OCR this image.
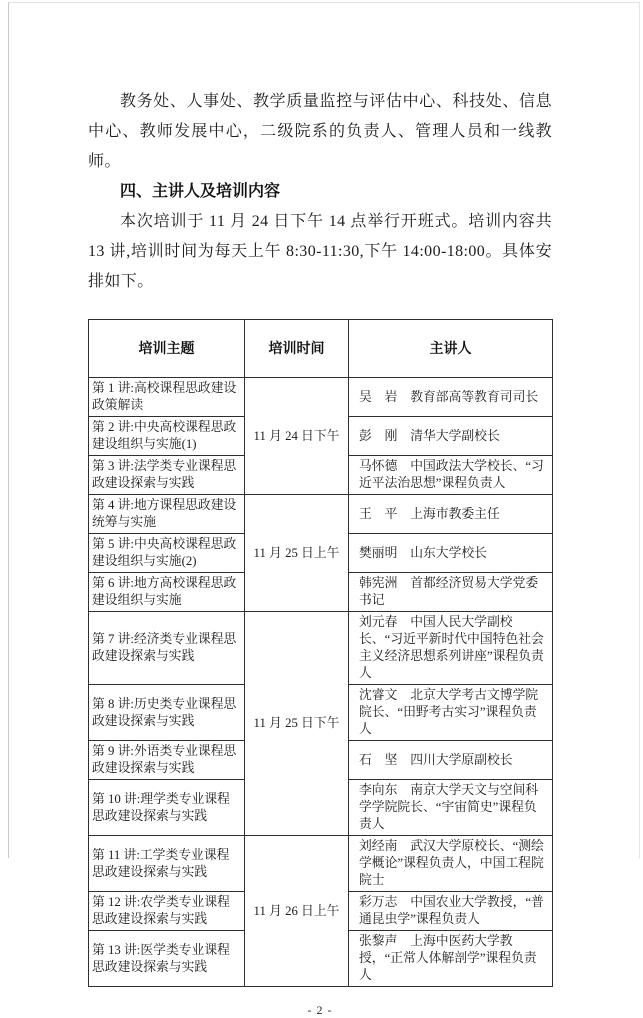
教务处、人事处、教学质量监控与评估中心、科技处、信息中心、教师发展中心，二级院系的负责人、管理人员和一线教师。

四、主讲人及培训内容

本次培训于 11 月 24 日下午 14 点举行开班式。培训内容共 13 讲,培训时间为每天上午 8:30-11:30,下午 14:00-18:00。具体安排如下。

培训主题	培训时间	主讲人
第 1 讲:高校课程思政建设政策解读	11 月 24 日下午	吴　岩　教育部高等教育司司长
第 2 讲:中央高校课程思政建设组织与实施(1)		彭　刚　清华大学副校长
第 3 讲:法学类专业课程思政建设探索与实践		马怀德　中国政法大学校长、“习近平法治思想”课程负责人
第 4 讲:地方课程思政建设统筹与实施	11 月 25 日上午	王　平　上海市教委主任
第 5 讲:中央高校课程思政建设组织与实施(2)		樊丽明　山东大学校长
第 6 讲:地方高校课程思政建设组织与实施		韩宪洲　首都经济贸易大学党委书记
第 7 讲:经济类专业课程思政建设探索与实践	11 月 25 日下午	刘元春　中国人民大学副校长、“习近平新时代中国特色社会主义经济思想系列讲座”课程负责人
第 8 讲:历史类专业课程思政建设探索与实践		沈睿文　北京大学考古文博学院院长、“田野考古实习”课程负责人
第 9 讲:外语类专业课程思政建设探索与实践		石　坚　四川大学原副校长
第 10 讲:理学类专业课程思政建设探索与实践		李向东　南京大学天文与空间科学学院院长、“宇宙简史”课程负责人
第 11 讲:工学类专业课程思政建设探索与实践	11 月 26 日上午	刘经南　武汉大学原校长、“测绘学概论”课程负责人，中国工程院院士
第 12 讲:农学类专业课程思政建设探索与实践		彩万志　中国农业大学教授，“普通昆虫学”课程负责人
第 13 讲:医学类专业课程思政建设探索与实践		张黎声　上海中医药大学教授，“正常人体解剖学”课程负责人
- 2 -
